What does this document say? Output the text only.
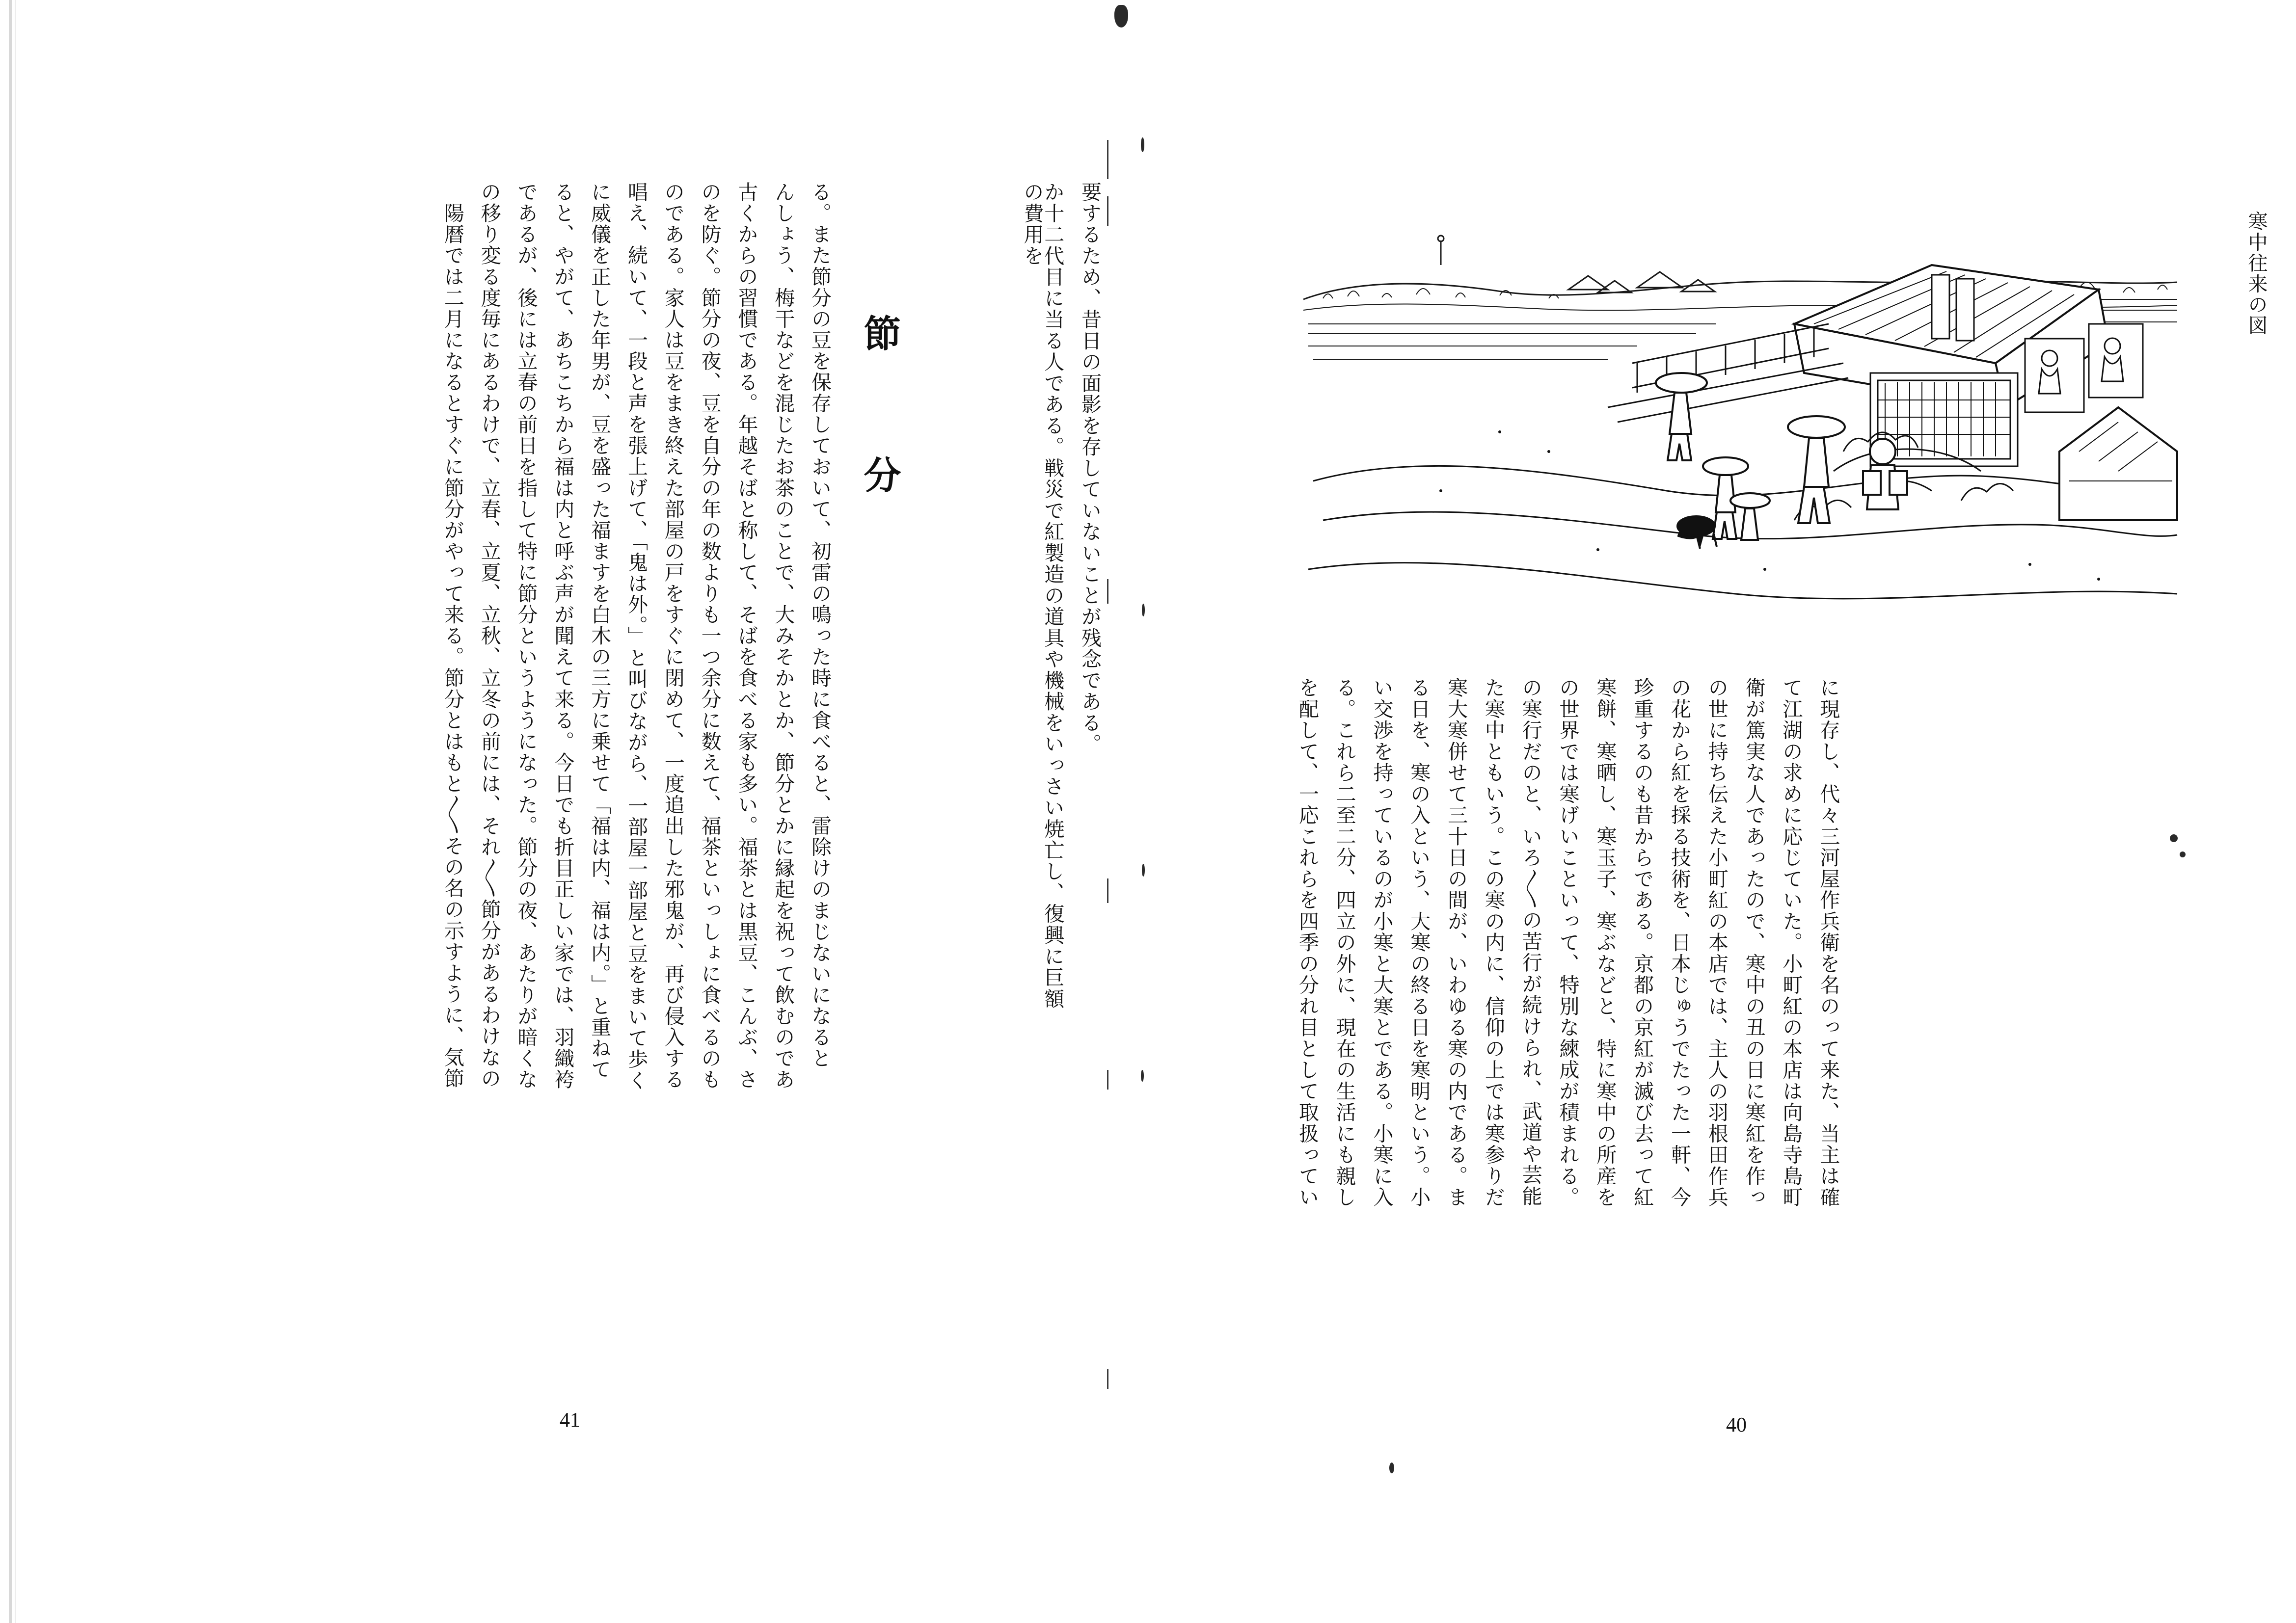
寒中往来の図
を配して、一応これらを四季の分れ目として取扱ってい る。これら二至二分、四立の外に、現在の生活にも親し い交渉を持っているのが小寒と大寒とである。小寒に入 る日を、寒の入という、大寒の終る日を寒明という。小 寒大寒併せて三十日の間が、いわゆる寒の内である。ま た寒中ともいう。この寒の内に、信仰の上では寒参りだ の寒行だのと、いろ〳〵の苦行が続けられ、武道や芸能 の世界では寒げいこといって、特別な練成が積まれる。 寒餅、寒晒し、寒玉子、寒ぶなどと、特に寒中の所産を 珍重するのも昔からである。京都の京紅が滅び去って紅 の花から紅を採る技術を、日本じゅうでたった一軒、今 の世に持ち伝えた小町紅の本店では、主人の羽根田作兵 衛が篤実な人であったので、寒中の丑の日に寒紅を作っ て江湖の求めに応じていた。小町紅の本店は向島寺島町 に現存し、代々三河屋作兵衛を名のって来た、当主は確
40
か十二代目に当る人である。戦災で紅製造の道具や機械をいっさい焼亡し、復興に巨額の費用を	要するため、昔日の面影を存していないことが残念である。
節　分
　陽暦では二月になるとすぐに節分がやって来る。節分とはもと〳〵その名の示すように、気節 の移り変る度毎にあるわけで、立春、立夏、立秋、立冬の前には、それ〳〵節分があるわけなの であるが、後には立春の前日を指して特に節分というようになった。節分の夜、あたりが暗くな ると、やがて、あちこちから福は内と呼ぶ声が聞えて来る。今日でも折目正しい家では、羽織袴 に威儀を正した年男が、豆を盛った福ますを白木の三方に乗せて「福は内、福は内。」と重ねて 唱え、続いて、一段と声を張上げて、「鬼は外。」と叫びながら、一部屋一部屋と豆をまいて歩く のである。家人は豆をまき終えた部屋の戸をすぐに閉めて、一度追出した邪鬼が、再び侵入する のを防ぐ。節分の夜、豆を自分の年の数よりも一つ余分に数えて、福茶といっしょに食べるのも 古くからの習慣である。年越そばと称して、そばを食べる家も多い。福茶とは黒豆、こんぶ、さ んしょう、梅干などを混じたお茶のことで、大みそかとか、節分とかに縁起を祝って飲むのであ る。また節分の豆を保存しておいて、初雷の鳴った時に食べると、雷除けのまじないになると
41
